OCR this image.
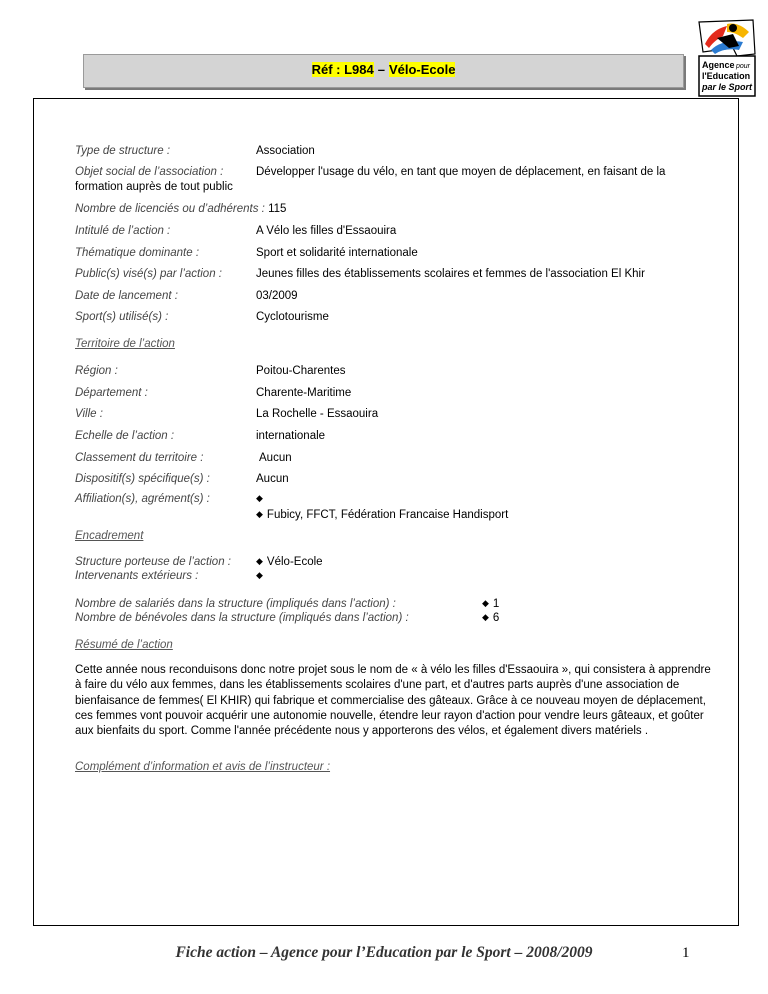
Réf : L984 – Vélo-Ecole	Agence pour
l'Education
par le Sport
Type de structure :	Association
Objet social de l’association :	Développer l'usage du vélo, en tant que moyen de déplacement, en faisant de la
formation auprès de tout public
Nombre de licenciés ou d’adhérents : 115
Intitulé de l’action :	A Vélo les filles d'Essaouira
Thématique dominante :	Sport et solidarité internationale
Public(s) visé(s) par l’action :	Jeunes filles des établissements scolaires et femmes de l'association El Khir
Date de lancement :	03/2009
Sport(s) utilisé(s) :	Cyclotourisme
Territoire de l’action
Région :	Poitou-Charentes
Département :	Charente-Maritime
Ville :	La Rochelle - Essaouira
Echelle de l’action :	internationale
Classement du territoire :	Aucun
Dispositif(s) spécifique(s) :	Aucun
Affiliation(s), agrément(s) :	◆
◆ Fubicy, FFCT, Fédération Francaise Handisport
Encadrement
Structure porteuse de l’action :	◆ Vélo-Ecole
Intervenants extérieurs :	◆
Nombre de salariés dans la structure (impliqués dans l’action) :	◆ 1
Nombre de bénévoles dans la structure (impliqués dans l’action) :	◆ 6
Résumé de l’action
Cette année nous reconduisons donc notre projet sous le nom de « à vélo les filles d'Essaouira », qui consistera à apprendre à faire du vélo aux femmes, dans les établissements scolaires d'une part, et d'autres parts auprès d'une association de bienfaisance de femmes( El KHIR) qui fabrique et commercialise des gâteaux. Grâce à ce nouveau moyen de déplacement, ces femmes vont pouvoir acquérir une autonomie nouvelle, étendre leur rayon d'action pour vendre leurs gâteaux, et goûter aux bienfaits du sport. Comme l'année précédente nous y apporterons des vélos, et également divers matériels .
Complément d’information et avis de l’instructeur :
Fiche action – Agence pour l’Education par le Sport – 2008/2009	1
